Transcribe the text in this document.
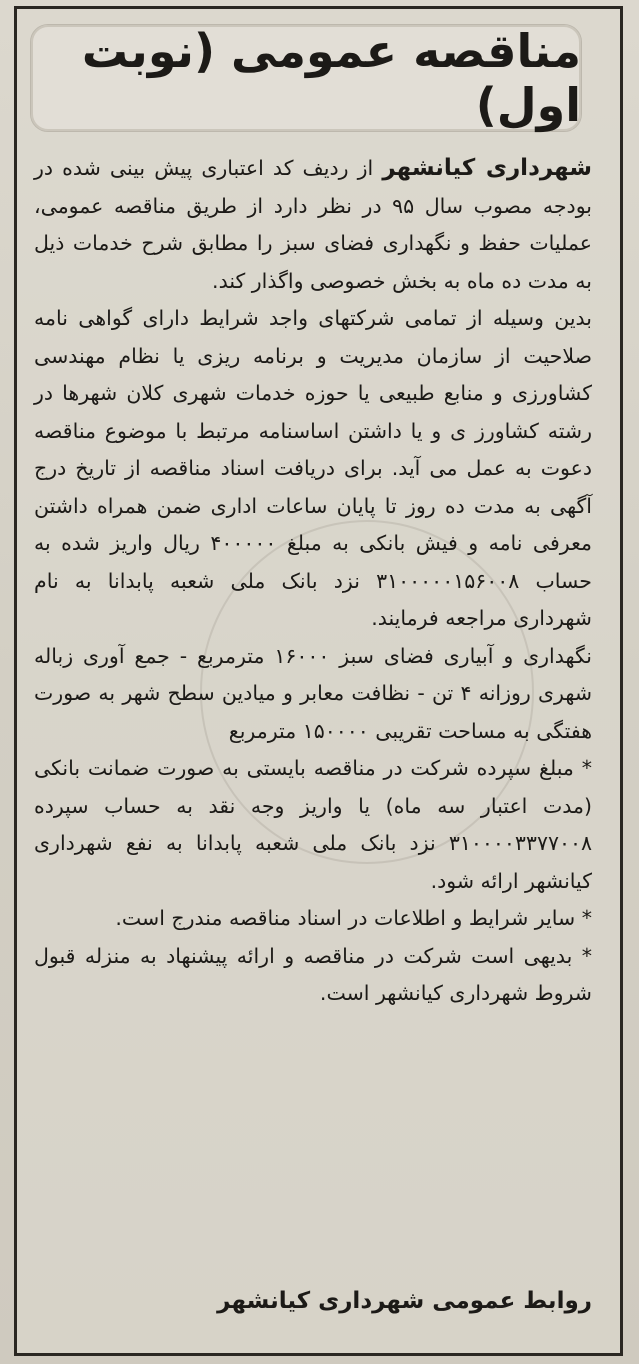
مناقصه عمومی (نوبت اول)

شهرداری کیانشهر از ردیف کد اعتباری پیش بینی شده در بودجه مصوب سال ۹۵ در نظر دارد از طریق مناقصه عمومی، عملیات حفظ و نگهداری فضای سبز را مطابق شرح خدمات ذیل به مدت ده ماه به بخش خصوصی واگذار کند.

بدین وسیله از تمامی شرکتهای واجد شرایط دارای گواهی نامه صلاحیت از سازمان مدیریت و برنامه ریزی یا نظام مهندسی کشاورزی و منابع طبیعی یا حوزه خدمات شهری کلان شهرها در رشته کشاورز ی و یا داشتن اساسنامه مرتبط با موضوع مناقصه دعوت به عمل می آید. برای دریافت اسناد مناقصه از تاریخ درج آگهی به مدت ده روز تا پایان ساعات اداری ضمن همراه داشتن معرفی نامه و فیش بانکی به مبلغ ۴۰۰۰۰۰ ریال واریز شده به حساب ۳۱۰۰۰۰۰۱۵۶۰۰۸ نزد بانک ملی شعبه پابدانا به نام شهرداری مراجعه فرمایند.

نگهداری و آبیاری فضای سبز ۱۶۰۰۰ مترمربع - جمع آوری زباله شهری روزانه ۴ تن - نظافت معابر و میادین سطح شهر به صورت هفتگی به مساحت تقریبی ۱۵۰۰۰۰ مترمربع

* مبلغ سپرده شرکت در مناقصه بایستی به صورت ضمانت بانکی (مدت اعتبار سه ماه) یا واریز وجه نقد به حساب سپرده ۳۱۰۰۰۰۳۳۷۷۰۰۸ نزد بانک ملی شعبه پابدانا به نفع شهرداری کیانشهر ارائه شود.

* سایر شرایط و اطلاعات در اسناد مناقصه مندرج است.

* بدیهی است شرکت در مناقصه و ارائه پیشنهاد به منزله قبول شروط شهرداری کیانشهر است.

روابط عمومی شهرداری کیانشهر
